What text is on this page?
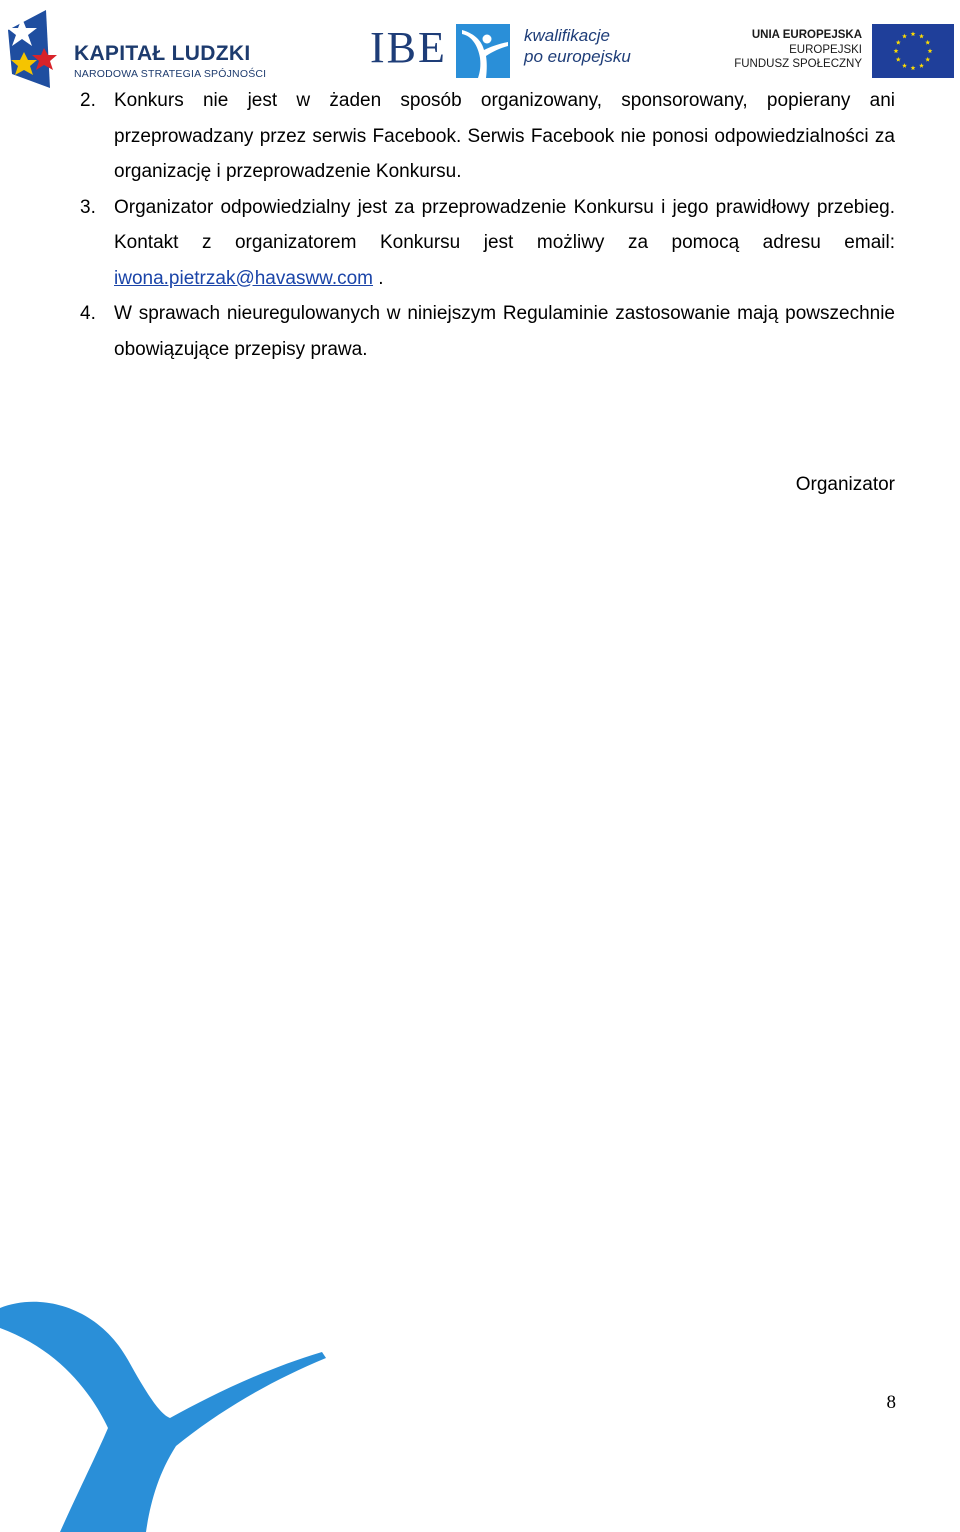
KAPITAŁ LUDZKI
NARODOWA STRATEGIA SPÓJNOŚCI
IBE	kwalifikacje
po europejsku
UNIA EUROPEJSKA
EUROPEJSKI
FUNDUSZ SPOŁECZNY
2. Konkurs nie jest w żaden sposób organizowany, sponsorowany, popierany ani przeprowadzany przez serwis Facebook. Serwis Facebook nie ponosi odpowiedzialności za organizację i przeprowadzenie Konkursu.
3. Organizator odpowiedzialny jest za przeprowadzenie Konkursu i jego prawidłowy przebieg. Kontakt z organizatorem Konkursu jest możliwy za pomocą adresu email: iwona.pietrzak@havasww.com .
4. W sprawach nieuregulowanych w niniejszym Regulaminie zastosowanie mają powszechnie obowiązujące przepisy prawa.
Organizator
8
